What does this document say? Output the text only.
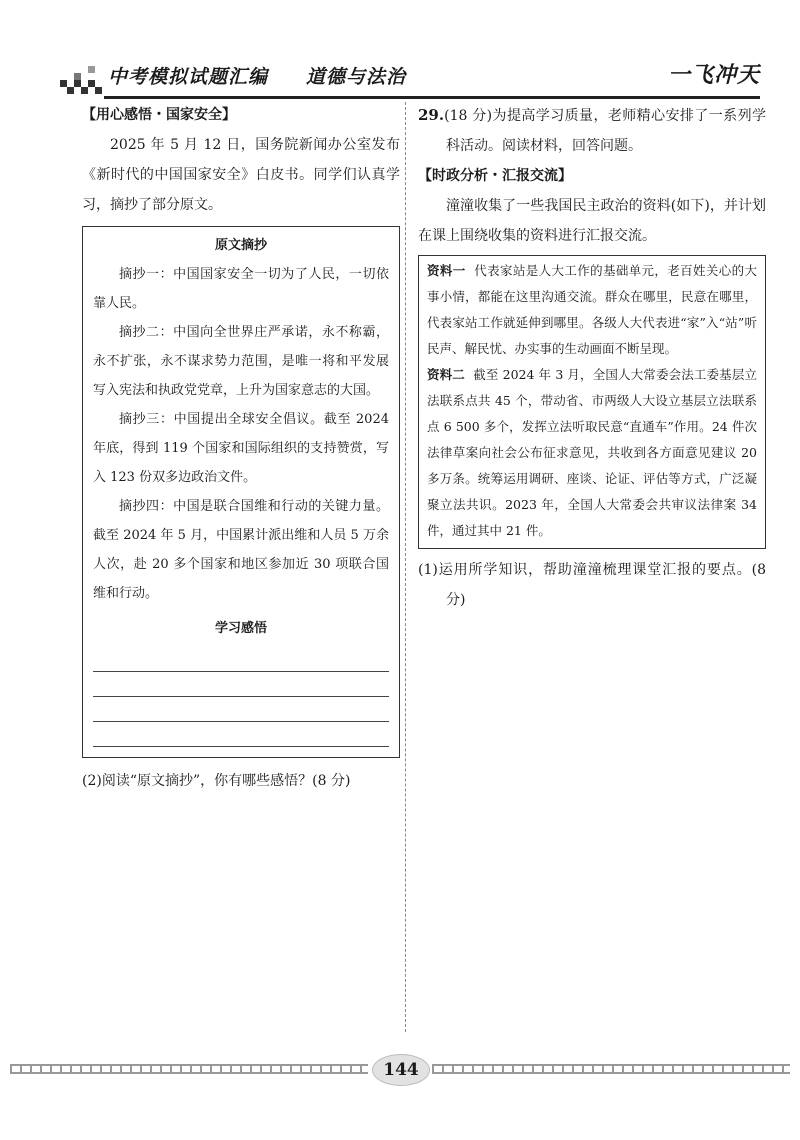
中考模拟试题汇编 道德与法治	一飞冲天

【用心感悟・国家安全】

2025 年 5 月 12 日，国务院新闻办公室发布《新时代的中国国家安全》白皮书。同学们认真学习，摘抄了部分原文。

原文摘抄

摘抄一：中国国家安全一切为了人民，一切依靠人民。

摘抄二：中国向全世界庄严承诺，永不称霸，永不扩张，永不谋求势力范围，是唯一将和平发展写入宪法和执政党党章，上升为国家意志的大国。

摘抄三：中国提出全球安全倡议。截至 2024 年底，得到 119 个国家和国际组织的支持赞赏，写入 123 份双多边政治文件。

摘抄四：中国是联合国维和行动的关键力量。截至 2024 年 5 月，中国累计派出维和人员 5 万余人次，赴 20 多个国家和地区参加近 30 项联合国维和行动。

学习感悟

(2)阅读“原文摘抄”，你有哪些感悟？(8 分)

29.(18 分)为提高学习质量，老师精心安排了一系列学科活动。阅读材料，回答问题。

【时政分析・汇报交流】

潼潼收集了一些我国民主政治的资料(如下)，并计划在课上围绕收集的资料进行汇报交流。

资料一 代表家站是人大工作的基础单元，老百姓关心的大事小情，都能在这里沟通交流。群众在哪里，民意在哪里，代表家站工作就延伸到哪里。各级人大代表进“家”入“站”听民声、解民忧、办实事的生动画面不断呈现。

资料二 截至 2024 年 3 月，全国人大常委会法工委基层立法联系点共 45 个，带动省、市两级人大设立基层立法联系点 6 500 多个，发挥立法听取民意“直通车”作用。24 件次法律草案向社会公布征求意见，共收到各方面意见建议 20 多万条。统筹运用调研、座谈、论证、评估等方式，广泛凝聚立法共识。2023 年，全国人大常委会共审议法律案 34 件，通过其中 21 件。

(1)运用所学知识，帮助潼潼梳理课堂汇报的要点。(8 分)

144
